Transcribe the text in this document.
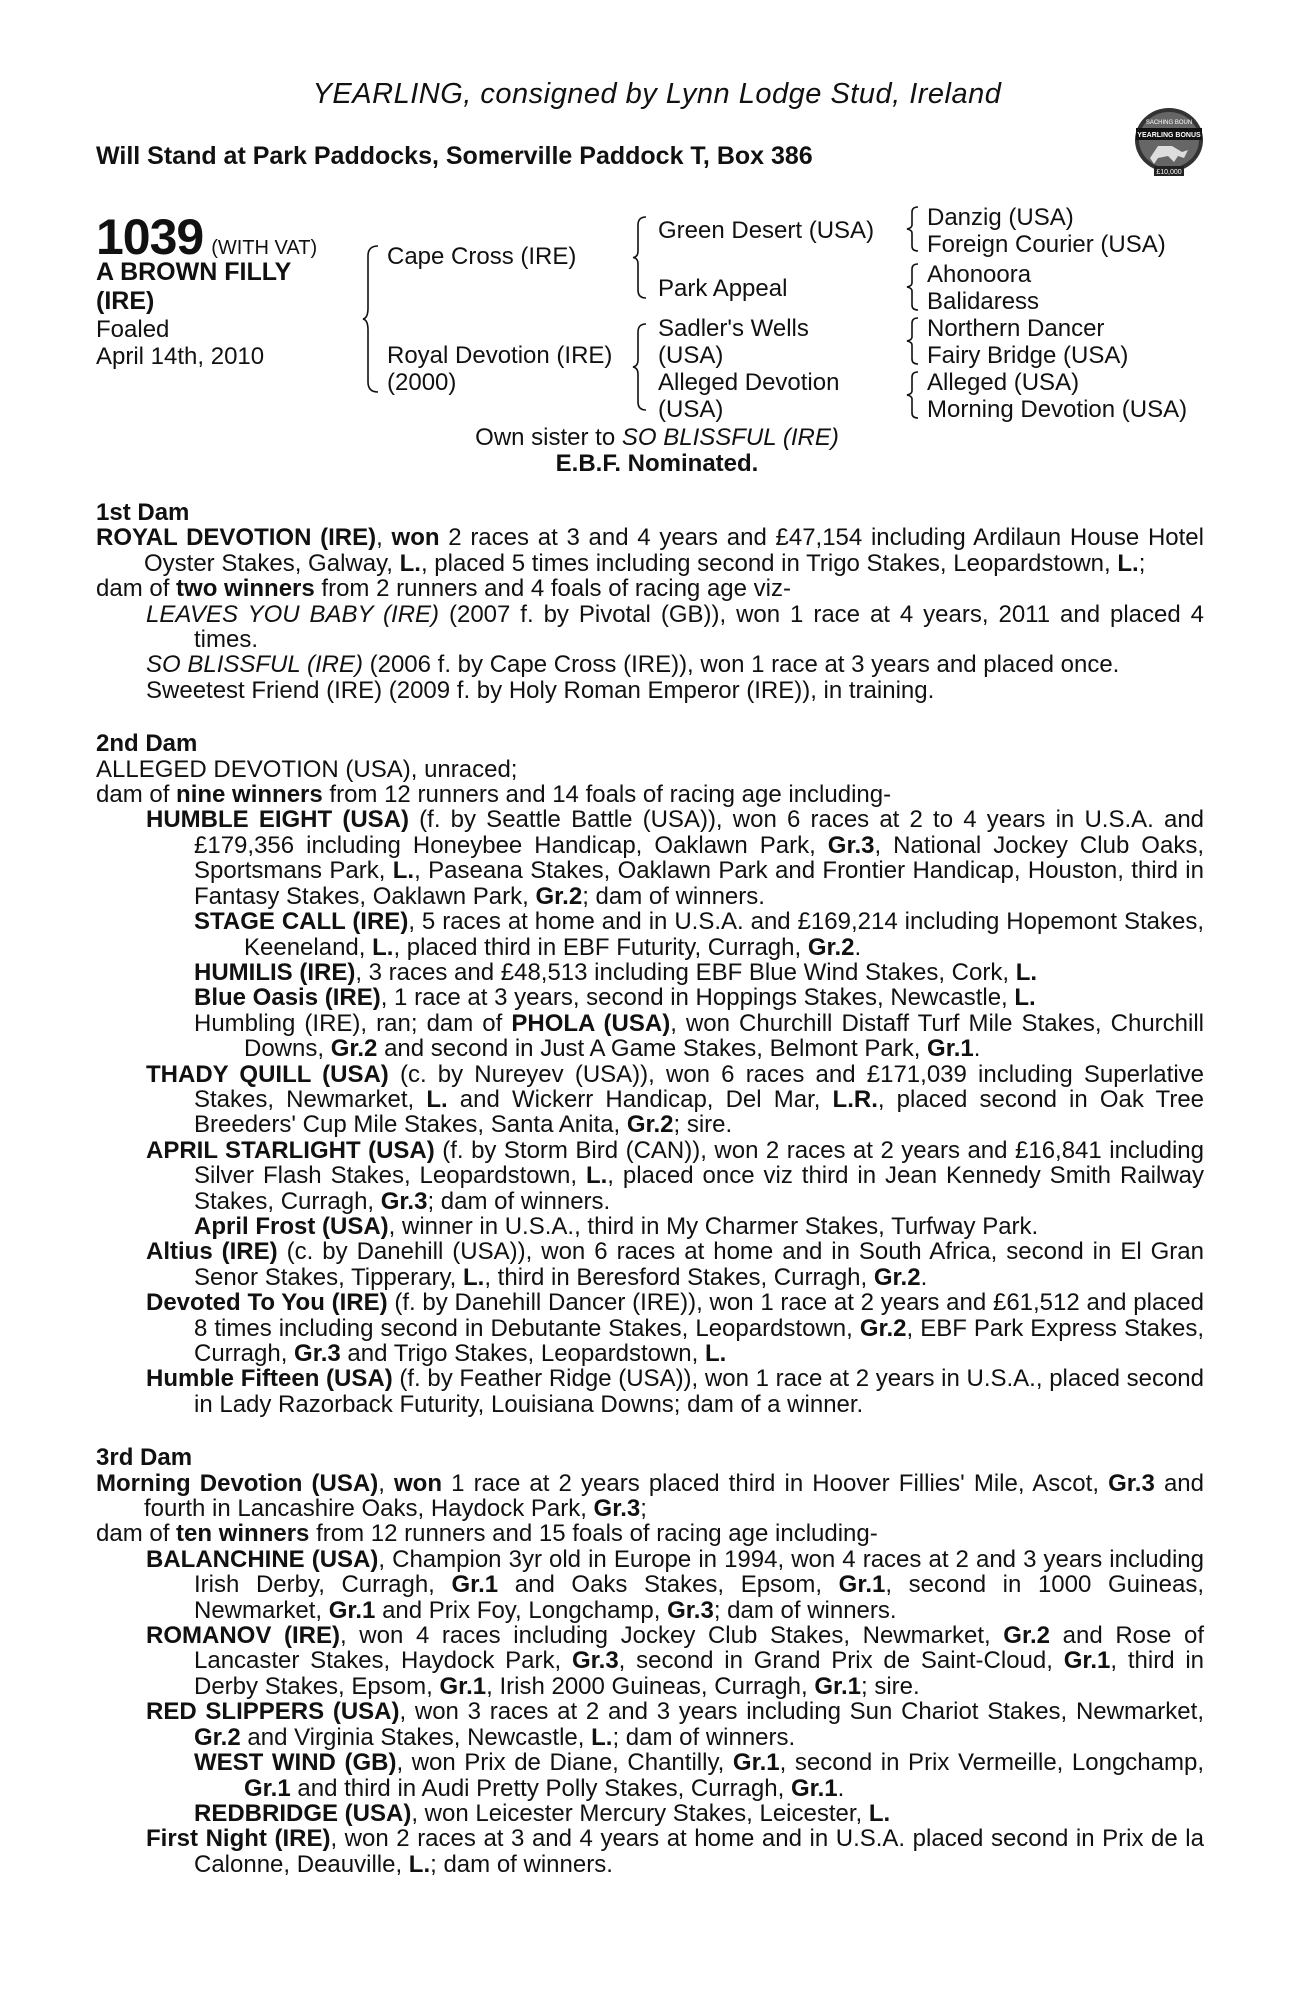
YEARLING, consigned by Lynn Lodge Stud, Ireland
Will Stand at Park Paddocks, Somerville Paddock T, Box 386
SACHING BOUN
YEARLING BONUS
£10,000
1039 (WITH VAT)
A BROWN FILLY
(IRE)
Foaled
April 14th, 2010
Cape Cross (IRE)
Royal Devotion (IRE)
(2000)
Green Desert (USA)
Park Appeal
Sadler's Wells
(USA)
Alleged Devotion
(USA)
Danzig (USA)
Foreign Courier (USA)
Ahonoora
Balidaress
Northern Dancer
Fairy Bridge (USA)
Alleged (USA)
Morning Devotion (USA)
Own sister to SO BLISSFUL (IRE)
E.B.F. Nominated.

1st Dam

ROYAL DEVOTION (IRE), won 2 races at 3 and 4 years and £47,154 including Ardilaun House Hotel Oyster Stakes, Galway, L., placed 5 times including second in Trigo Stakes, Leopardstown, L.;

dam of two winners from 2 runners and 4 foals of racing age viz-

LEAVES YOU BABY (IRE) (2007 f. by Pivotal (GB)), won 1 race at 4 years, 2011 and placed 4 times.

SO BLISSFUL (IRE) (2006 f. by Cape Cross (IRE)), won 1 race at 3 years and placed once.

Sweetest Friend (IRE) (2009 f. by Holy Roman Emperor (IRE)), in training.

2nd Dam

ALLEGED DEVOTION (USA), unraced;

dam of nine winners from 12 runners and 14 foals of racing age including-

HUMBLE EIGHT (USA) (f. by Seattle Battle (USA)), won 6 races at 2 to 4 years in U.S.A. and £179,356 including Honeybee Handicap, Oaklawn Park, Gr.3, National Jockey Club Oaks, Sportsmans Park, L., Paseana Stakes, Oaklawn Park and Frontier Handicap, Houston, third in Fantasy Stakes, Oaklawn Park, Gr.2; dam of winners.

STAGE CALL (IRE), 5 races at home and in U.S.A. and £169,214 including Hopemont Stakes, Keeneland, L., placed third in EBF Futurity, Curragh, Gr.2.

HUMILIS (IRE), 3 races and £48,513 including EBF Blue Wind Stakes, Cork, L.

Blue Oasis (IRE), 1 race at 3 years, second in Hoppings Stakes, Newcastle, L.

Humbling (IRE), ran; dam of PHOLA (USA), won Churchill Distaff Turf Mile Stakes, Churchill Downs, Gr.2 and second in Just A Game Stakes, Belmont Park, Gr.1.

THADY QUILL (USA) (c. by Nureyev (USA)), won 6 races and £171,039 including Superlative Stakes, Newmarket, L. and Wickerr Handicap, Del Mar, L.R., placed second in Oak Tree Breeders' Cup Mile Stakes, Santa Anita, Gr.2; sire.

APRIL STARLIGHT (USA) (f. by Storm Bird (CAN)), won 2 races at 2 years and £16,841 including Silver Flash Stakes, Leopardstown, L., placed once viz third in Jean Kennedy Smith Railway Stakes, Curragh, Gr.3; dam of winners.

April Frost (USA), winner in U.S.A., third in My Charmer Stakes, Turfway Park.

Altius (IRE) (c. by Danehill (USA)), won 6 races at home and in South Africa, second in El Gran Senor Stakes, Tipperary, L., third in Beresford Stakes, Curragh, Gr.2.

Devoted To You (IRE) (f. by Danehill Dancer (IRE)), won 1 race at 2 years and £61,512 and placed 8 times including second in Debutante Stakes, Leopardstown, Gr.2, EBF Park Express Stakes, Curragh, Gr.3 and Trigo Stakes, Leopardstown, L.

Humble Fifteen (USA) (f. by Feather Ridge (USA)), won 1 race at 2 years in U.S.A., placed second in Lady Razorback Futurity, Louisiana Downs; dam of a winner.

3rd Dam

Morning Devotion (USA), won 1 race at 2 years placed third in Hoover Fillies' Mile, Ascot, Gr.3 and fourth in Lancashire Oaks, Haydock Park, Gr.3;

dam of ten winners from 12 runners and 15 foals of racing age including-

BALANCHINE (USA), Champion 3yr old in Europe in 1994, won 4 races at 2 and 3 years including Irish Derby, Curragh, Gr.1 and Oaks Stakes, Epsom, Gr.1, second in 1000 Guineas, Newmarket, Gr.1 and Prix Foy, Longchamp, Gr.3; dam of winners.

ROMANOV (IRE), won 4 races including Jockey Club Stakes, Newmarket, Gr.2 and Rose of Lancaster Stakes, Haydock Park, Gr.3, second in Grand Prix de Saint-Cloud, Gr.1, third in Derby Stakes, Epsom, Gr.1, Irish 2000 Guineas, Curragh, Gr.1; sire.

RED SLIPPERS (USA), won 3 races at 2 and 3 years including Sun Chariot Stakes, Newmarket, Gr.2 and Virginia Stakes, Newcastle, L.; dam of winners.

WEST WIND (GB), won Prix de Diane, Chantilly, Gr.1, second in Prix Vermeille, Longchamp, Gr.1 and third in Audi Pretty Polly Stakes, Curragh, Gr.1.

REDBRIDGE (USA), won Leicester Mercury Stakes, Leicester, L.

First Night (IRE), won 2 races at 3 and 4 years at home and in U.S.A. placed second in Prix de la Calonne, Deauville, L.; dam of winners.
